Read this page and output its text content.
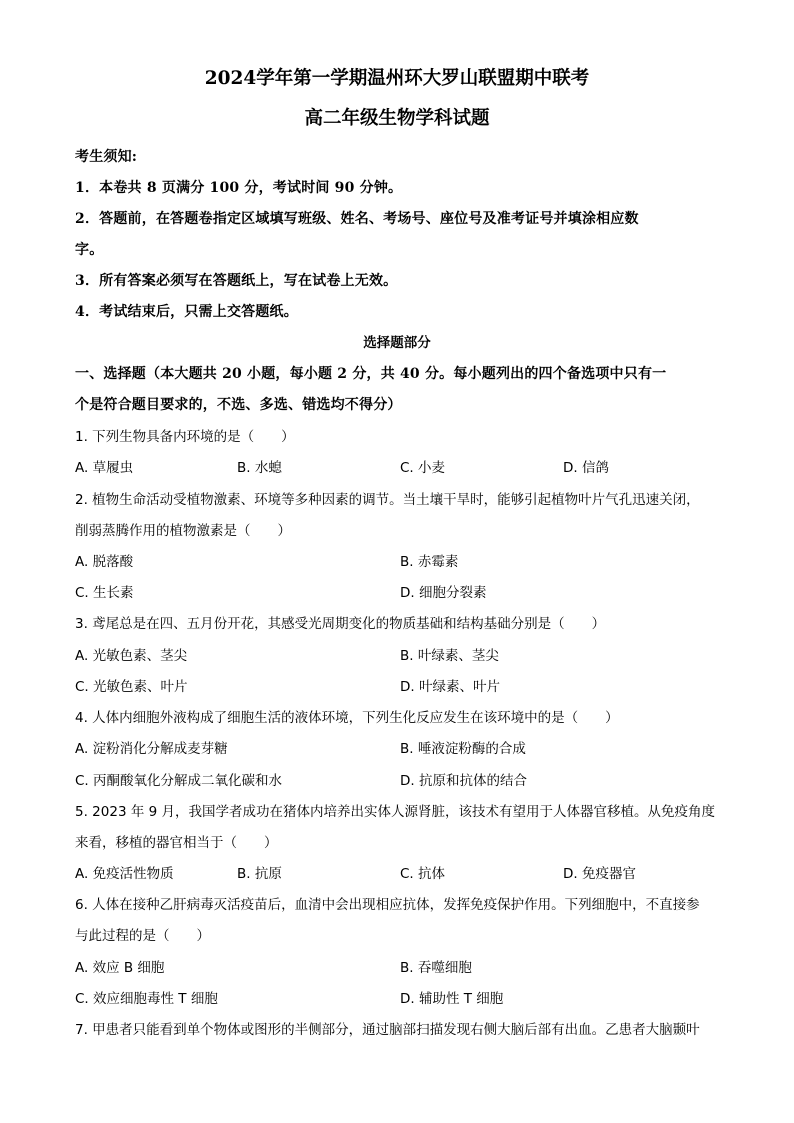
2024学年第一学期温州环大罗山联盟期中联考
高二年级生物学科试题
考生须知:
1．本卷共 8 页满分 100 分，考试时间 90 分钟。
2．答题前，在答题卷指定区域填写班级、姓名、考场号、座位号及准考证号并填涂相应数
字。
3．所有答案必须写在答题纸上，写在试卷上无效。
4．考试结束后，只需上交答题纸。
选择题部分
一、选择题（本大题共 20 小题，每小题 2 分，共 40 分。每小题列出的四个备选项中只有一
个是符合题目要求的，不选、多选、错选均不得分）
1. 下列生物具备内环境的是（　　）
A. 草履虫	B. 水螅	C. 小麦	D. 信鸽
2. 植物生命活动受植物激素、环境等多种因素的调节。当土壤干旱时，能够引起植物叶片气孔迅速关闭，
削弱蒸腾作用的植物激素是（　　）
A. 脱落酸	B. 赤霉素
C. 生长素	D. 细胞分裂素
3. 鸢尾总是在四、五月份开花，其感受光周期变化的物质基础和结构基础分别是（　　）
A. 光敏色素、茎尖	B. 叶绿素、茎尖
C. 光敏色素、叶片	D. 叶绿素、叶片
4. 人体内细胞外液构成了细胞生活的液体环境，下列生化反应发生在该环境中的是（　　）
A. 淀粉消化分解成麦芽糖	B. 唾液淀粉酶的合成
C. 丙酮酸氧化分解成二氧化碳和水	D. 抗原和抗体的结合
5. 2023 年 9 月，我国学者成功在猪体内培养出实体人源肾脏，该技术有望用于人体器官移植。从免疫角度
来看，移植的器官相当于（　　）
A. 免疫活性物质	B. 抗原	C. 抗体	D. 免疫器官
6. 人体在接种乙肝病毒灭活疫苗后，血清中会出现相应抗体，发挥免疫保护作用。下列细胞中，不直接参
与此过程的是（　　）
A. 效应 B 细胞	B. 吞噬细胞
C. 效应细胞毒性 T 细胞	D. 辅助性 T 细胞
7. 甲患者只能看到单个物体或图形的半侧部分，通过脑部扫描发现右侧大脑后部有出血。乙患者大脑颞叶
